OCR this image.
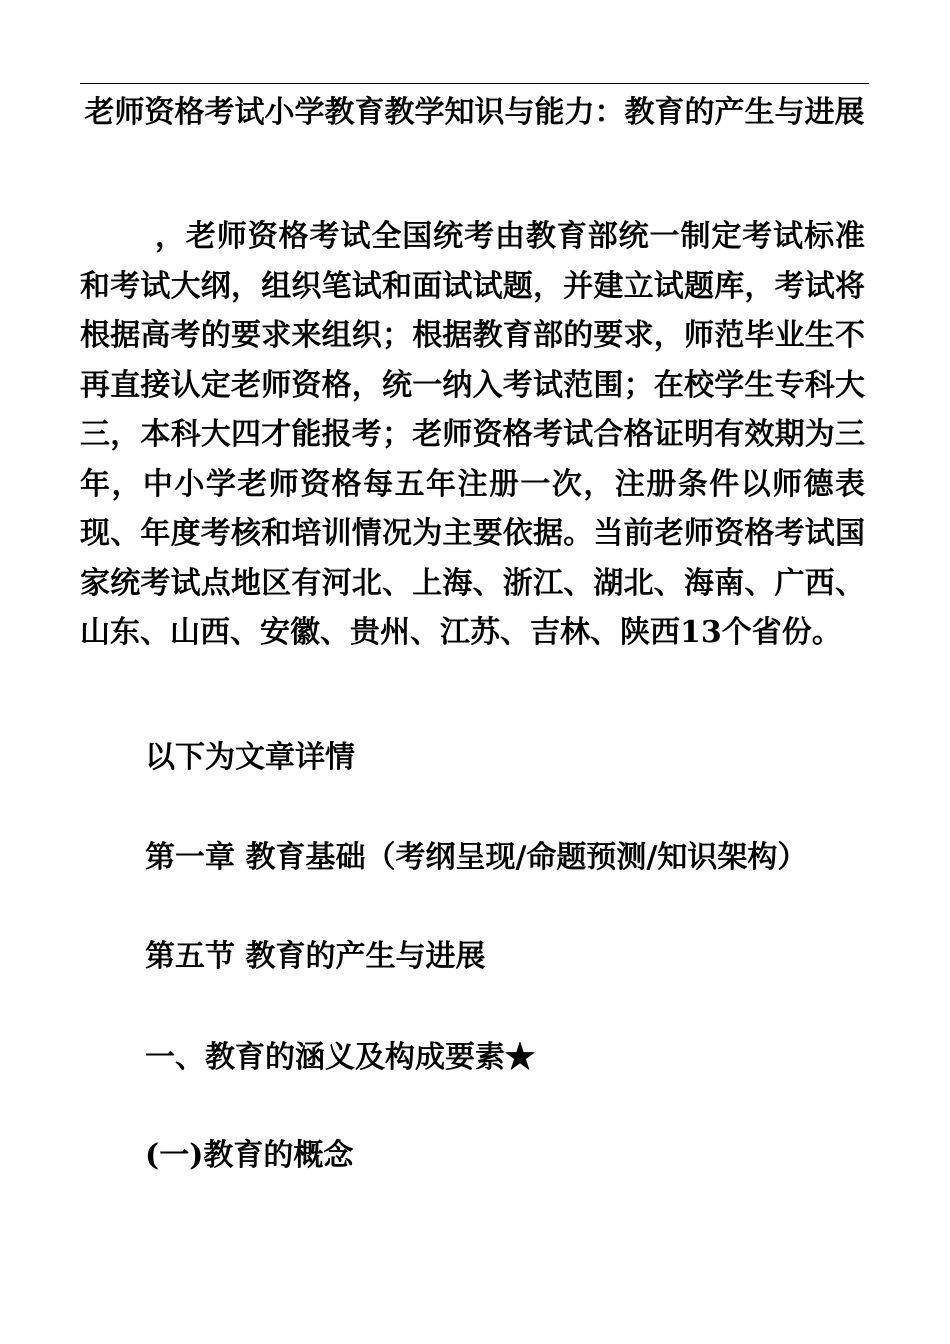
老师资格考试小学教育教学知识与能力：教育的产生与进展

，老师资格考试全国统考由教育部统一制定考试标准和考试大纲，组织笔试和面试试题，并建立试题库，考试将根据高考的要求来组织；根据教育部的要求，师范毕业生不再直接认定老师资格，统一纳入考试范围；在校学生专科大三，本科大四才能报考；老师资格考试合格证明有效期为三年，中小学老师资格每五年注册一次，注册条件以师德表现、年度考核和培训情况为主要依据。当前老师资格考试国家统考试点地区有河北、上海、浙江、湖北、海南、广西、山东、山西、安徽、贵州、江苏、吉林、陕西13个省份。

以下为文章详情

第一章 教育基础（考纲呈现/命题预测/知识架构）

第五节 教育的产生与进展

一、教育的涵义及构成要素★

(一)教育的概念
